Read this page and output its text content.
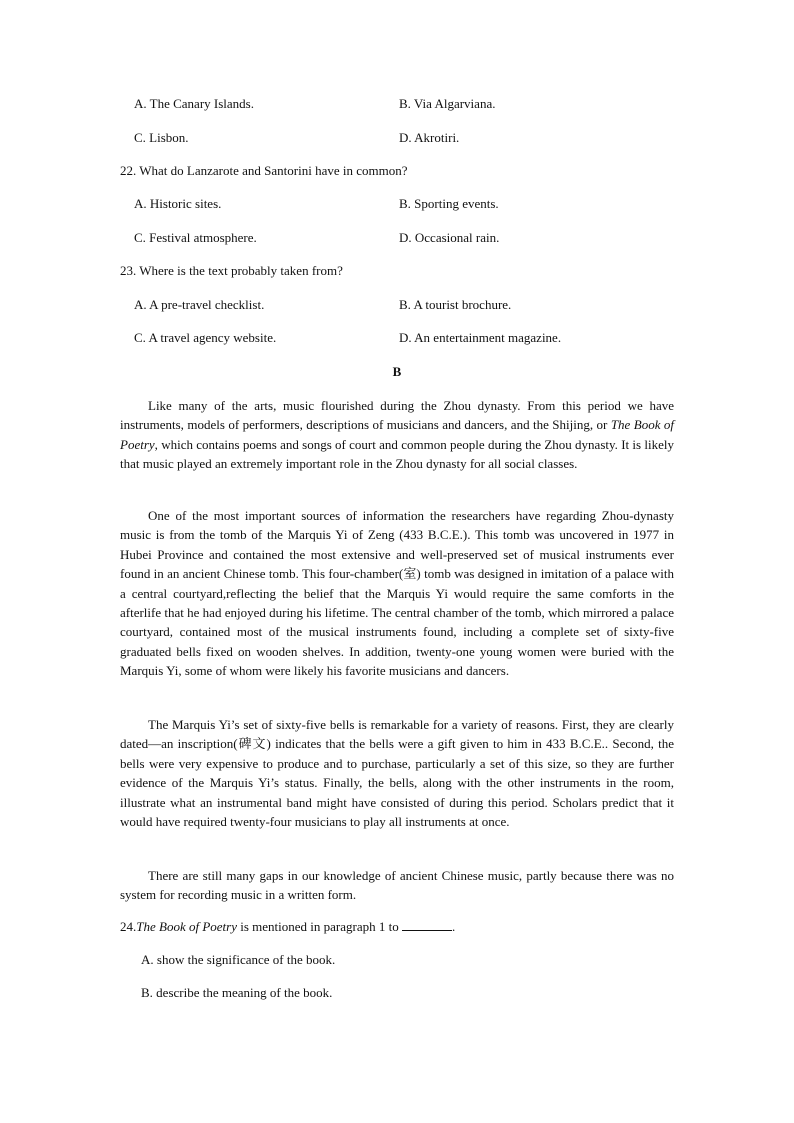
A. The Canary Islands.	B. Via Algarviana.
C. Lisbon.	D. Akrotiri.
22. What do Lanzarote and Santorini have in common?
A. Historic sites.	B. Sporting events.
C. Festival atmosphere.	D. Occasional rain.
23. Where is the text probably taken from?
A. A pre-travel checklist.	B. A tourist brochure.
C. A travel agency website.	D. An entertainment magazine.
B

Like many of the arts, music flourished during the Zhou dynasty. From this period we have instruments, models of performers, descriptions of musicians and dancers, and the Shijing, or The Book of Poetry, which contains poems and songs of court and common people during the Zhou dynasty. It is likely that music played an extremely important role in the Zhou dynasty for all social classes.

One of the most important sources of information the researchers have regarding Zhou-dynasty music is from the tomb of the Marquis Yi of Zeng (433 B.C.E.). This tomb was uncovered in 1977 in Hubei Province and contained the most extensive and well-preserved set of musical instruments ever found in an ancient Chinese tomb. This four-chamber(室) tomb was designed in imitation of a palace with a central courtyard,reflecting the belief that the Marquis Yi would require the same comforts in the afterlife that he had enjoyed during his lifetime. The central chamber of the tomb, which mirrored a palace courtyard, contained most of the musical instruments found, including a complete set of sixty-five graduated bells fixed on wooden shelves. In addition, twenty-one young women were buried with the Marquis Yi, some of whom were likely his favorite musicians and dancers.

The Marquis Yi’s set of sixty-five bells is remarkable for a variety of reasons. First, they are clearly dated—an inscription(碑文) indicates that the bells were a gift given to him in 433 B.C.E.. Second, the bells were very expensive to produce and to purchase, particularly a set of this size, so they are further evidence of the Marquis Yi’s status. Finally, the bells, along with the other instruments in the room, illustrate what an instrumental band might have consisted of during this period. Scholars predict that it would have required twenty-four musicians to play all instruments at once.

There are still many gaps in our knowledge of ancient Chinese music, partly because there was no system for recording music in a written form.

24.The Book of Poetry is mentioned in paragraph 1 to	.
A. show the significance of the book.
B. describe the meaning of the book.
